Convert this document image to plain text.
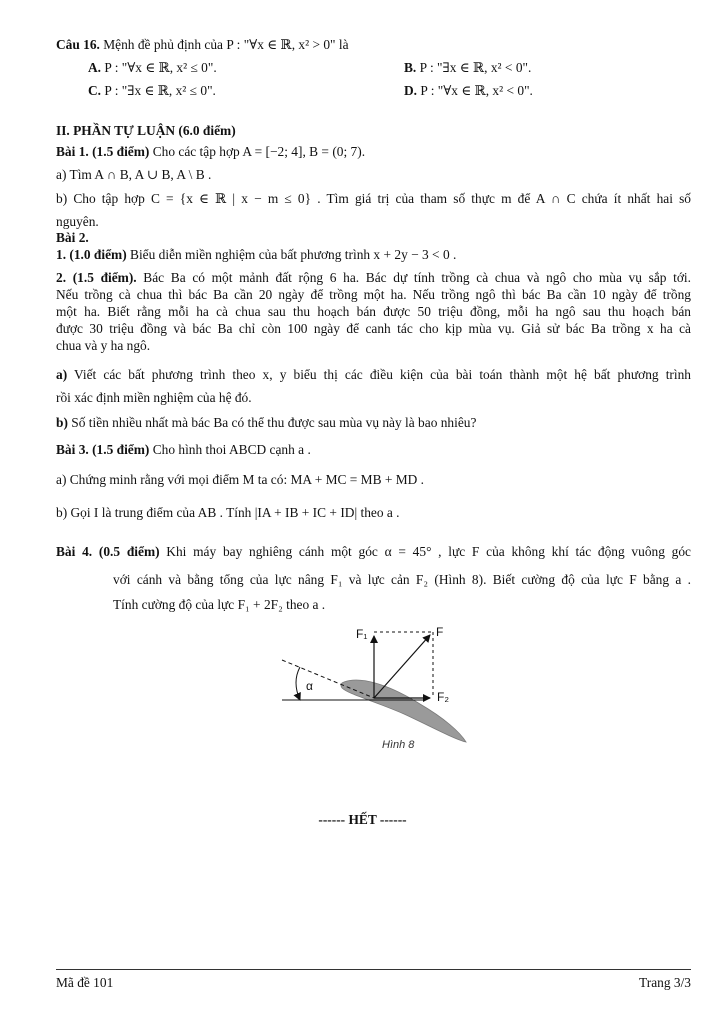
Câu 16. Mệnh đề phủ định của P : "∀x ∈ ℝ, x² > 0" là
A. P : "∀x ∈ ℝ, x² ≤ 0".	B. P : "∃x ∈ ℝ, x² < 0".
C. P : "∃x ∈ ℝ, x² ≤ 0".	D. P : "∀x ∈ ℝ, x² < 0".
II. PHẦN TỰ LUẬN (6.0 điểm)
Bài 1. (1.5 điểm) Cho các tập hợp A = [−2; 4], B = (0; 7).
a) Tìm A ∩ B, A ∪ B, A \ B .
b) Cho tập hợp C = {x ∈ ℝ | x − m ≤ 0} . Tìm giá trị của tham số thực m để A ∩ C chứa ít nhất hai số
nguyên.
Bài 2.
1. (1.0 điểm) Biểu diễn miền nghiệm của bất phương trình x + 2y − 3 < 0 .
2. (1.5 điểm). Bác Ba có một mảnh đất rộng 6 ha. Bác dự tính trồng cà chua và ngô cho mùa vụ sắp tới.
Nếu trồng cà chua thì bác Ba cần 20 ngày để trồng một ha. Nếu trồng ngô thì bác Ba cần 10 ngày để trồng
một ha. Biết rằng mỗi ha cà chua sau thu hoạch bán được 50 triệu đồng, mỗi ha ngô sau thu hoạch bán
được 30 triệu đồng và bác Ba chỉ còn 100 ngày để canh tác cho kịp mùa vụ. Giả sử bác Ba trồng x ha cà
chua và y ha ngô.
a) Viết các bất phương trình theo x, y biểu thị các điều kiện của bài toán thành một hệ bất phương trình
rồi xác định miền nghiệm của hệ đó.
b) Số tiền nhiều nhất mà bác Ba có thể thu được sau mùa vụ này là bao nhiêu?
Bài 3. (1.5 điểm) Cho hình thoi ABCD cạnh a .
a) Chứng minh rằng với mọi điểm M ta có: MA + MC = MB + MD .
b) Gọi I là trung điểm của AB . Tính |IA + IB + IC + ID| theo a .
Bài 4. (0.5 điểm) Khi máy bay nghiêng cánh một góc α = 45° , lực F của không khí tác động vuông góc
với cánh và bằng tổng của lực nâng F₁ và lực cản F₂ (Hình 8). Biết cường độ của lực F bằng a .
Tính cường độ của lực F₁ + 2F₂ theo a .
α
F₁	F
F₂
Hình 8
------ HẾT ------
Mã đề 101	Trang 3/3
